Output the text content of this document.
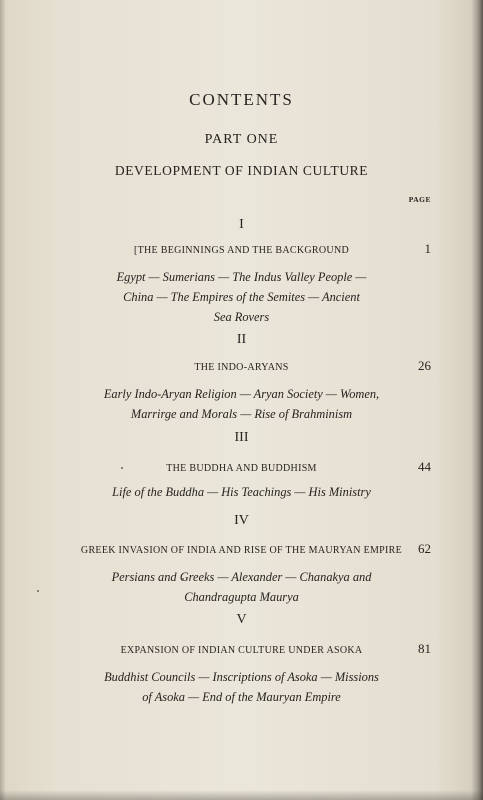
CONTENTS
PART ONE
DEVELOPMENT OF INDIAN CULTURE
PAGE
I
[THE BEGINNINGS AND THE BACKGROUND	1
Egypt — Sumerians — The Indus Valley People —
China — The Empires of the Semites — Ancient
Sea Rovers
II
THE INDO-ARYANS	26
Early Indo-Aryan Religion — Aryan Society — Women,
Marrirge and Morals — Rise of Brahminism
III
THE BUDDHA AND BUDDHISM	44
Life of the Buddha — His Teachings — His Ministry
IV
GREEK INVASION OF INDIA AND RISE OF THE MAURYAN EMPIRE	62
Persians and Greeks — Alexander — Chanakya and
Chandragupta Maurya
V
EXPANSION OF INDIAN CULTURE UNDER ASOKA	81
Buddhist Councils — Inscriptions of Asoka — Missions
of Asoka — End of the Mauryan Empire
